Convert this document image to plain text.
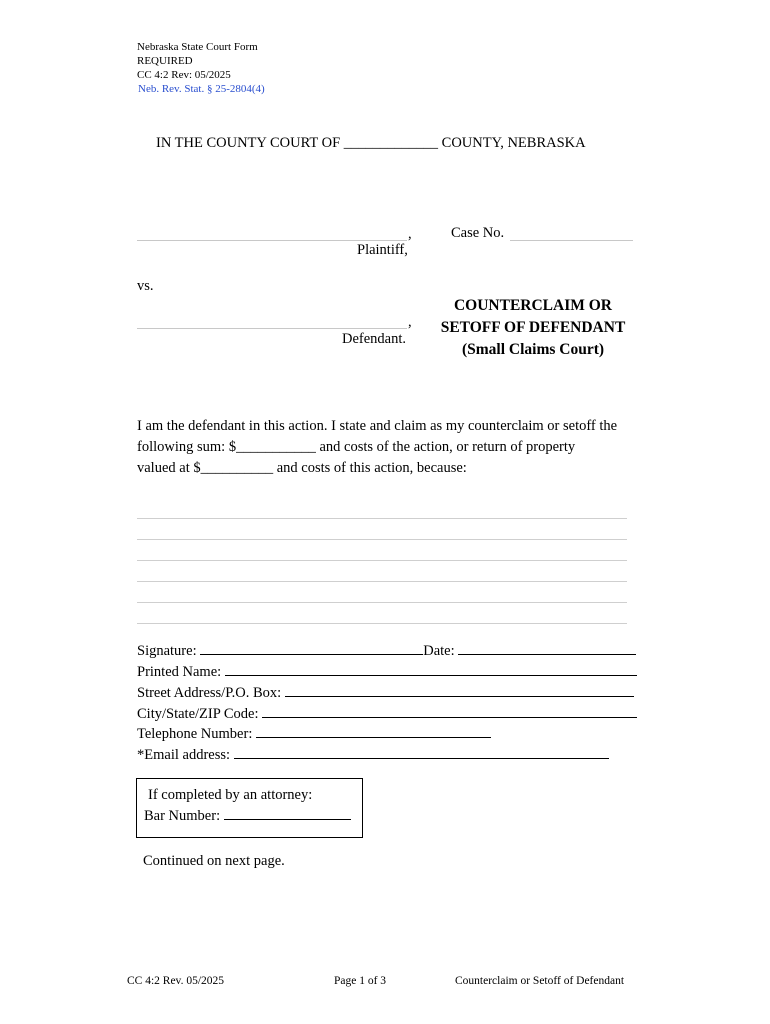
Nebraska State Court Form
REQUIRED
CC 4:2 Rev: 05/2025
Neb. Rev. Stat. § 25-2804(4)
IN THE COUNTY COURT OF _____________ COUNTY, NEBRASKA
,
Plaintiff,
Case No.
vs.
,
Defendant.
COUNTERCLAIM OR
SETOFF OF DEFENDANT
(Small Claims Court)
I am the defendant in this action. I state and claim as my counterclaim or setoff the
following sum: $___________ and costs of the action, or return of property
valued at $__________ and costs of this action, because:
Signature:	Date:
Printed Name:
Street Address/P.O. Box:
City/State/ZIP Code:
Telephone Number:
*Email address:
If completed by an attorney:
Bar Number:
Continued on next page.
CC 4:2 Rev. 05/2025	Page 1 of 3	Counterclaim or Setoff of Defendant
